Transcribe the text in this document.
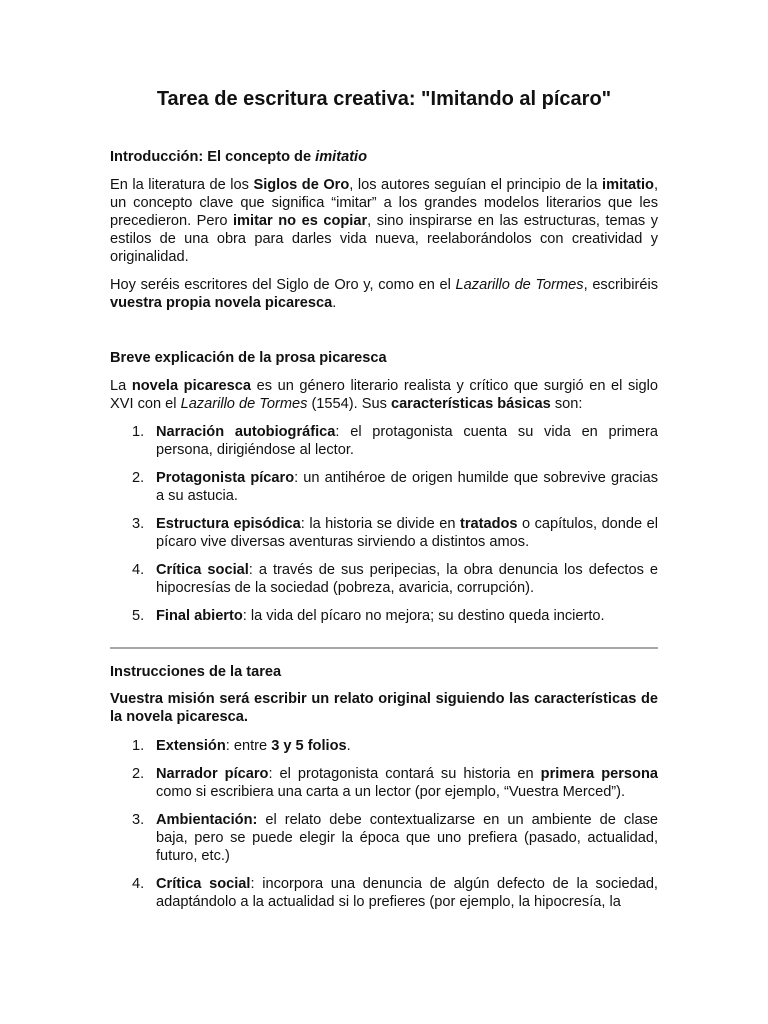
Tarea de escritura creativa: "Imitando al pícaro"
Introducción: El concepto de imitatio

En la literatura de los Siglos de Oro, los autores seguían el principio de la imitatio, un concepto clave que significa “imitar” a los grandes modelos literarios que les precedieron. Pero imitar no es copiar, sino inspirarse en las estructuras, temas y estilos de una obra para darles vida nueva, reelaborándolos con creatividad y originalidad.

Hoy seréis escritores del Siglo de Oro y, como en el Lazarillo de Tormes, escribiréis vuestra propia novela picaresca.

Breve explicación de la prosa picaresca

La novela picaresca es un género literario realista y crítico que surgió en el siglo XVI con el Lazarillo de Tormes (1554). Sus características básicas son:

1. Narración autobiográfica: el protagonista cuenta su vida en primera persona, dirigiéndose al lector.
2. Protagonista pícaro: un antihéroe de origen humilde que sobrevive gracias a su astucia.
3. Estructura episódica: la historia se divide en tratados o capítulos, donde el pícaro vive diversas aventuras sirviendo a distintos amos.
4. Crítica social: a través de sus peripecias, la obra denuncia los defectos e hipocresías de la sociedad (pobreza, avaricia, corrupción).
5. Final abierto: la vida del pícaro no mejora; su destino queda incierto.
Instrucciones de la tarea

Vuestra misión será escribir un relato original siguiendo las características de la novela picaresca.

1. Extensión: entre 3 y 5 folios.
2. Narrador pícaro: el protagonista contará su historia en primera persona como si escribiera una carta a un lector (por ejemplo, “Vuestra Merced”).
3. Ambientación: el relato debe contextualizarse en un ambiente de clase baja, pero se puede elegir la época que uno prefiera (pasado, actualidad, futuro, etc.)
4. Crítica social: incorpora una denuncia de algún defecto de la sociedad, adaptándolo a la actualidad si lo prefieres (por ejemplo, la hipocresía, la
